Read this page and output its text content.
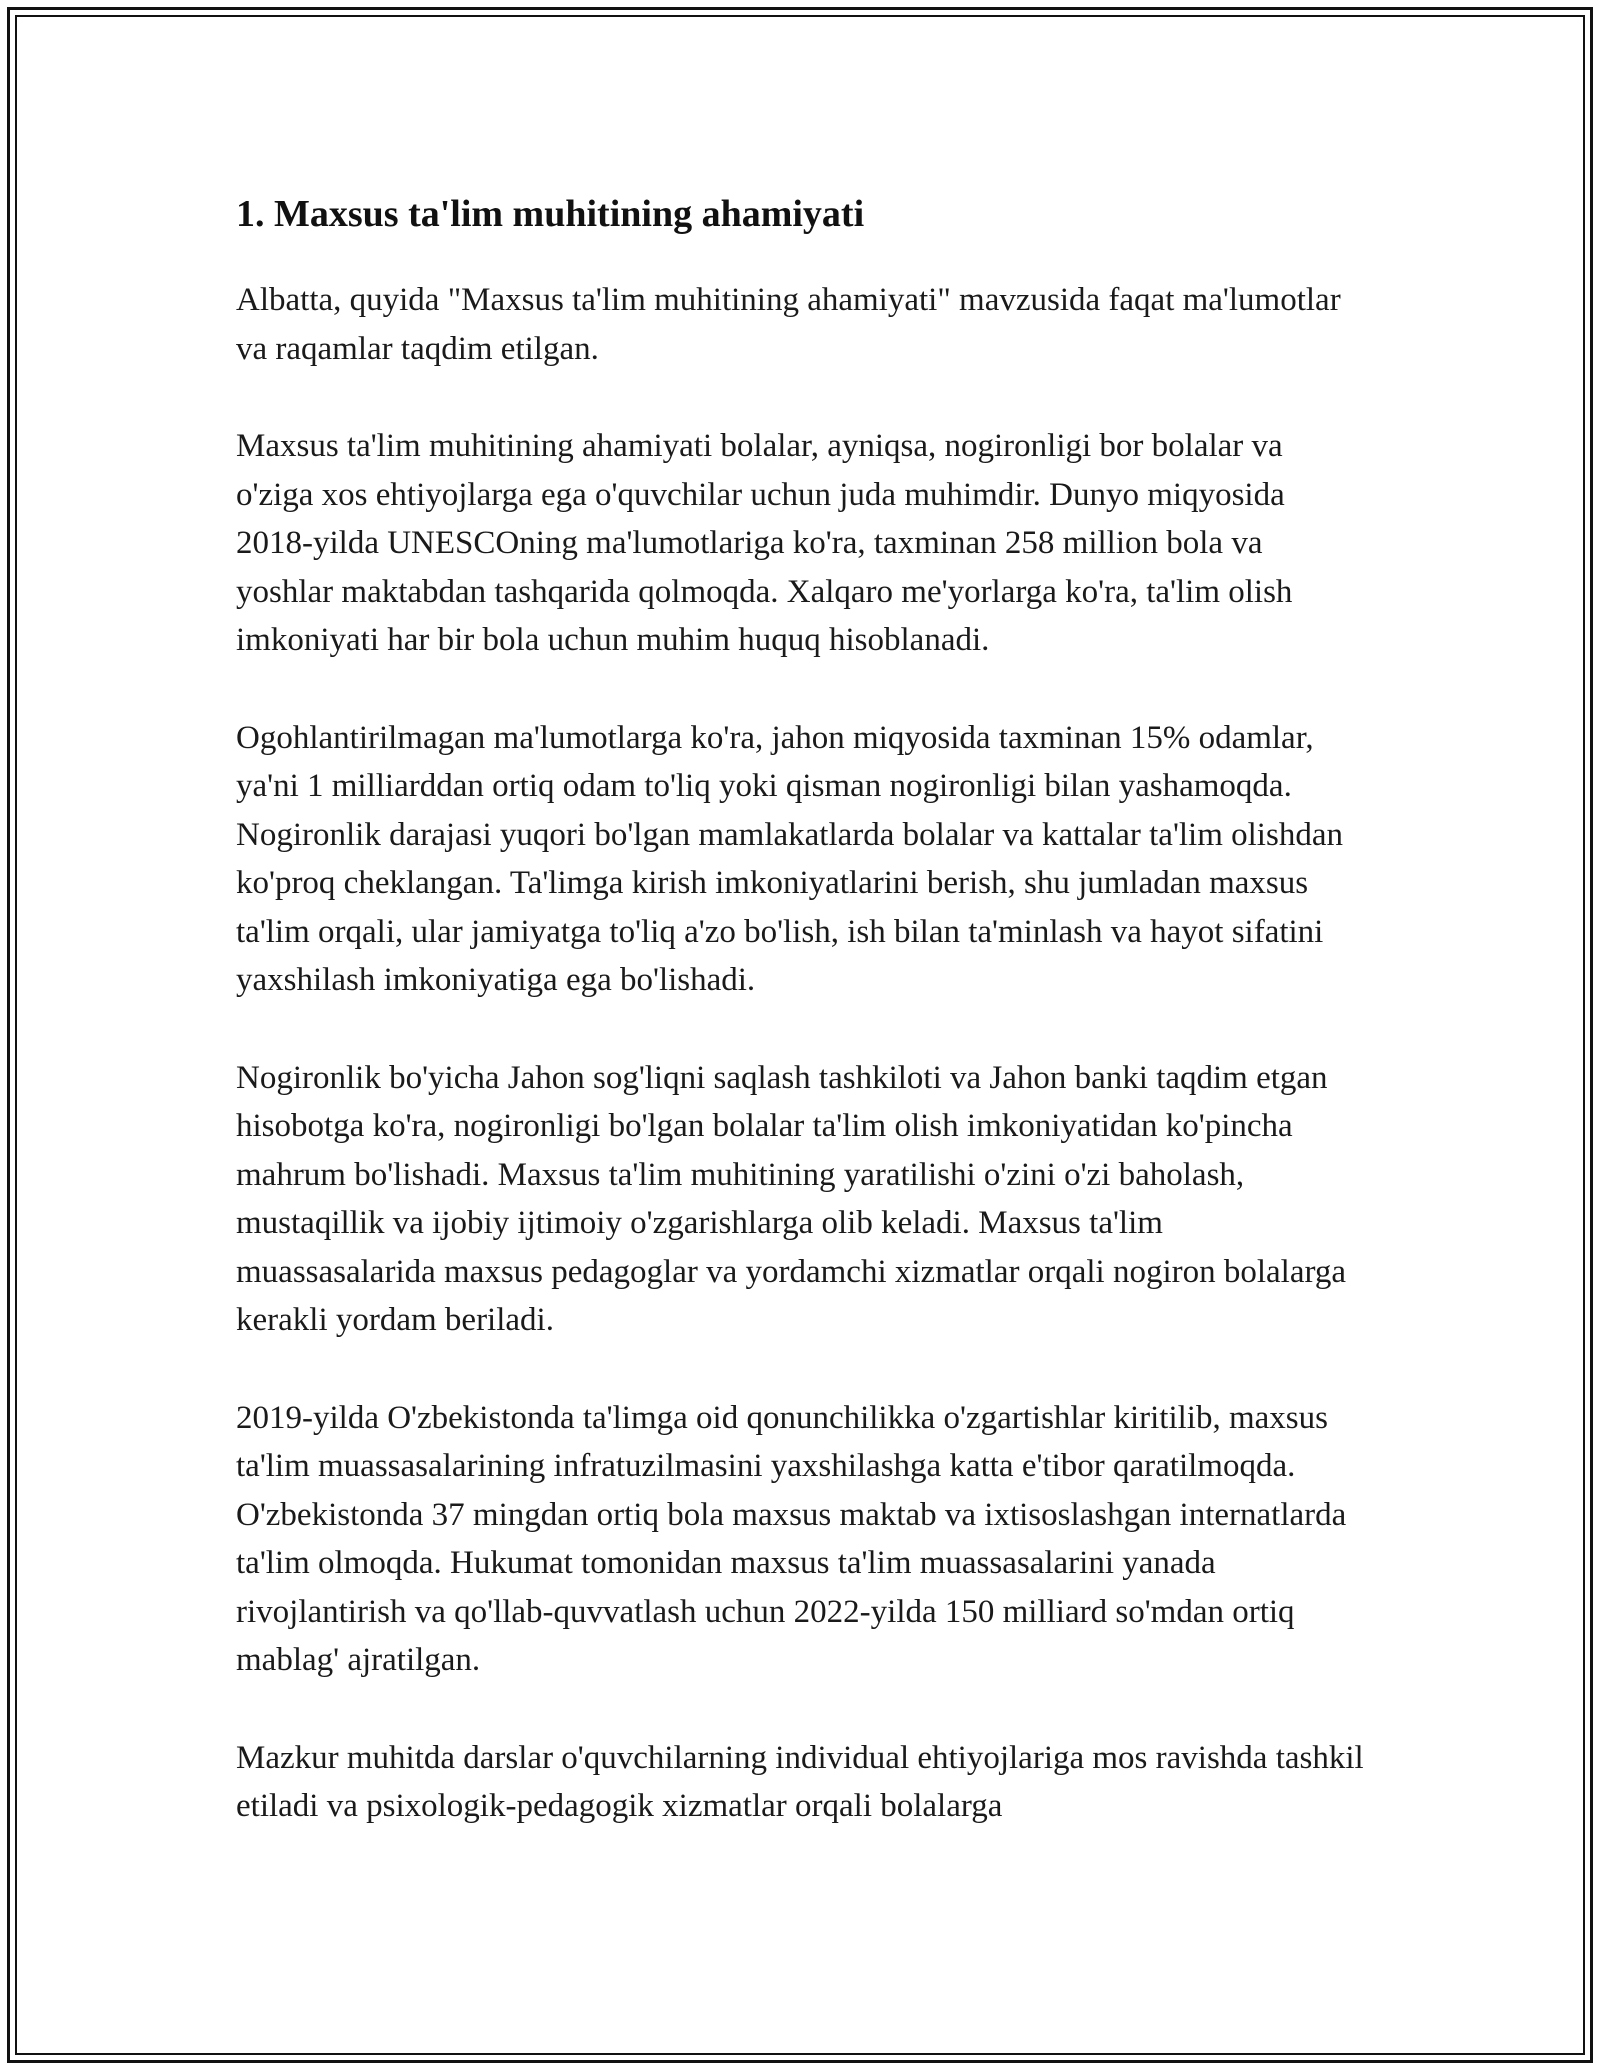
1. Maxsus ta'lim muhitining ahamiyati

Albatta, quyida "Maxsus ta'lim muhitining ahamiyati" mavzusida faqat ma'lumotlar va raqamlar taqdim etilgan.

Maxsus ta'lim muhitining ahamiyati bolalar, ayniqsa, nogironligi bor bolalar va o'ziga xos ehtiyojlarga ega o'quvchilar uchun juda muhimdir. Dunyo miqyosida 2018-yilda UNESCOning ma'lumotlariga ko'ra, taxminan 258 million bola va yoshlar maktabdan tashqarida qolmoqda. Xalqaro me'yorlarga ko'ra, ta'lim olish imkoniyati har bir bola uchun muhim huquq hisoblanadi.

Ogohlantirilmagan ma'lumotlarga ko'ra, jahon miqyosida taxminan 15% odamlar, ya'ni 1 milliarddan ortiq odam to'liq yoki qisman nogironligi bilan yashamoqda. Nogironlik darajasi yuqori bo'lgan mamlakatlarda bolalar va kattalar ta'lim olishdan ko'proq cheklangan. Ta'limga kirish imkoniyatlarini berish, shu jumladan maxsus ta'lim orqali, ular jamiyatga to'liq a'zo bo'lish, ish bilan ta'minlash va hayot sifatini yaxshilash imkoniyatiga ega bo'lishadi.

Nogironlik bo'yicha Jahon sog'liqni saqlash tashkiloti va Jahon banki taqdim etgan hisobotga ko'ra, nogironligi bo'lgan bolalar ta'lim olish imkoniyatidan ko'pincha mahrum bo'lishadi. Maxsus ta'lim muhitining yaratilishi o'zini o'zi baholash, mustaqillik va ijobiy ijtimoiy o'zgarishlarga olib keladi. Maxsus ta'lim muassasalarida maxsus pedagoglar va yordamchi xizmatlar orqali nogiron bolalarga kerakli yordam beriladi.

2019-yilda O'zbekistonda ta'limga oid qonunchilikka o'zgartishlar kiritilib, maxsus ta'lim muassasalarining infratuzilmasini yaxshilashga katta e'tibor qaratilmoqda. O'zbekistonda 37 mingdan ortiq bola maxsus maktab va ixtisoslashgan internatlarda ta'lim olmoqda. Hukumat tomonidan maxsus ta'lim muassasalarini yanada rivojlantirish va qo'llab-quvvatlash uchun 2022-yilda 150 milliard so'mdan ortiq mablag' ajratilgan.

Mazkur muhitda darslar o'quvchilarning individual ehtiyojlariga mos ravishda tashkil etiladi va psixologik-pedagogik xizmatlar orqali bolalarga
